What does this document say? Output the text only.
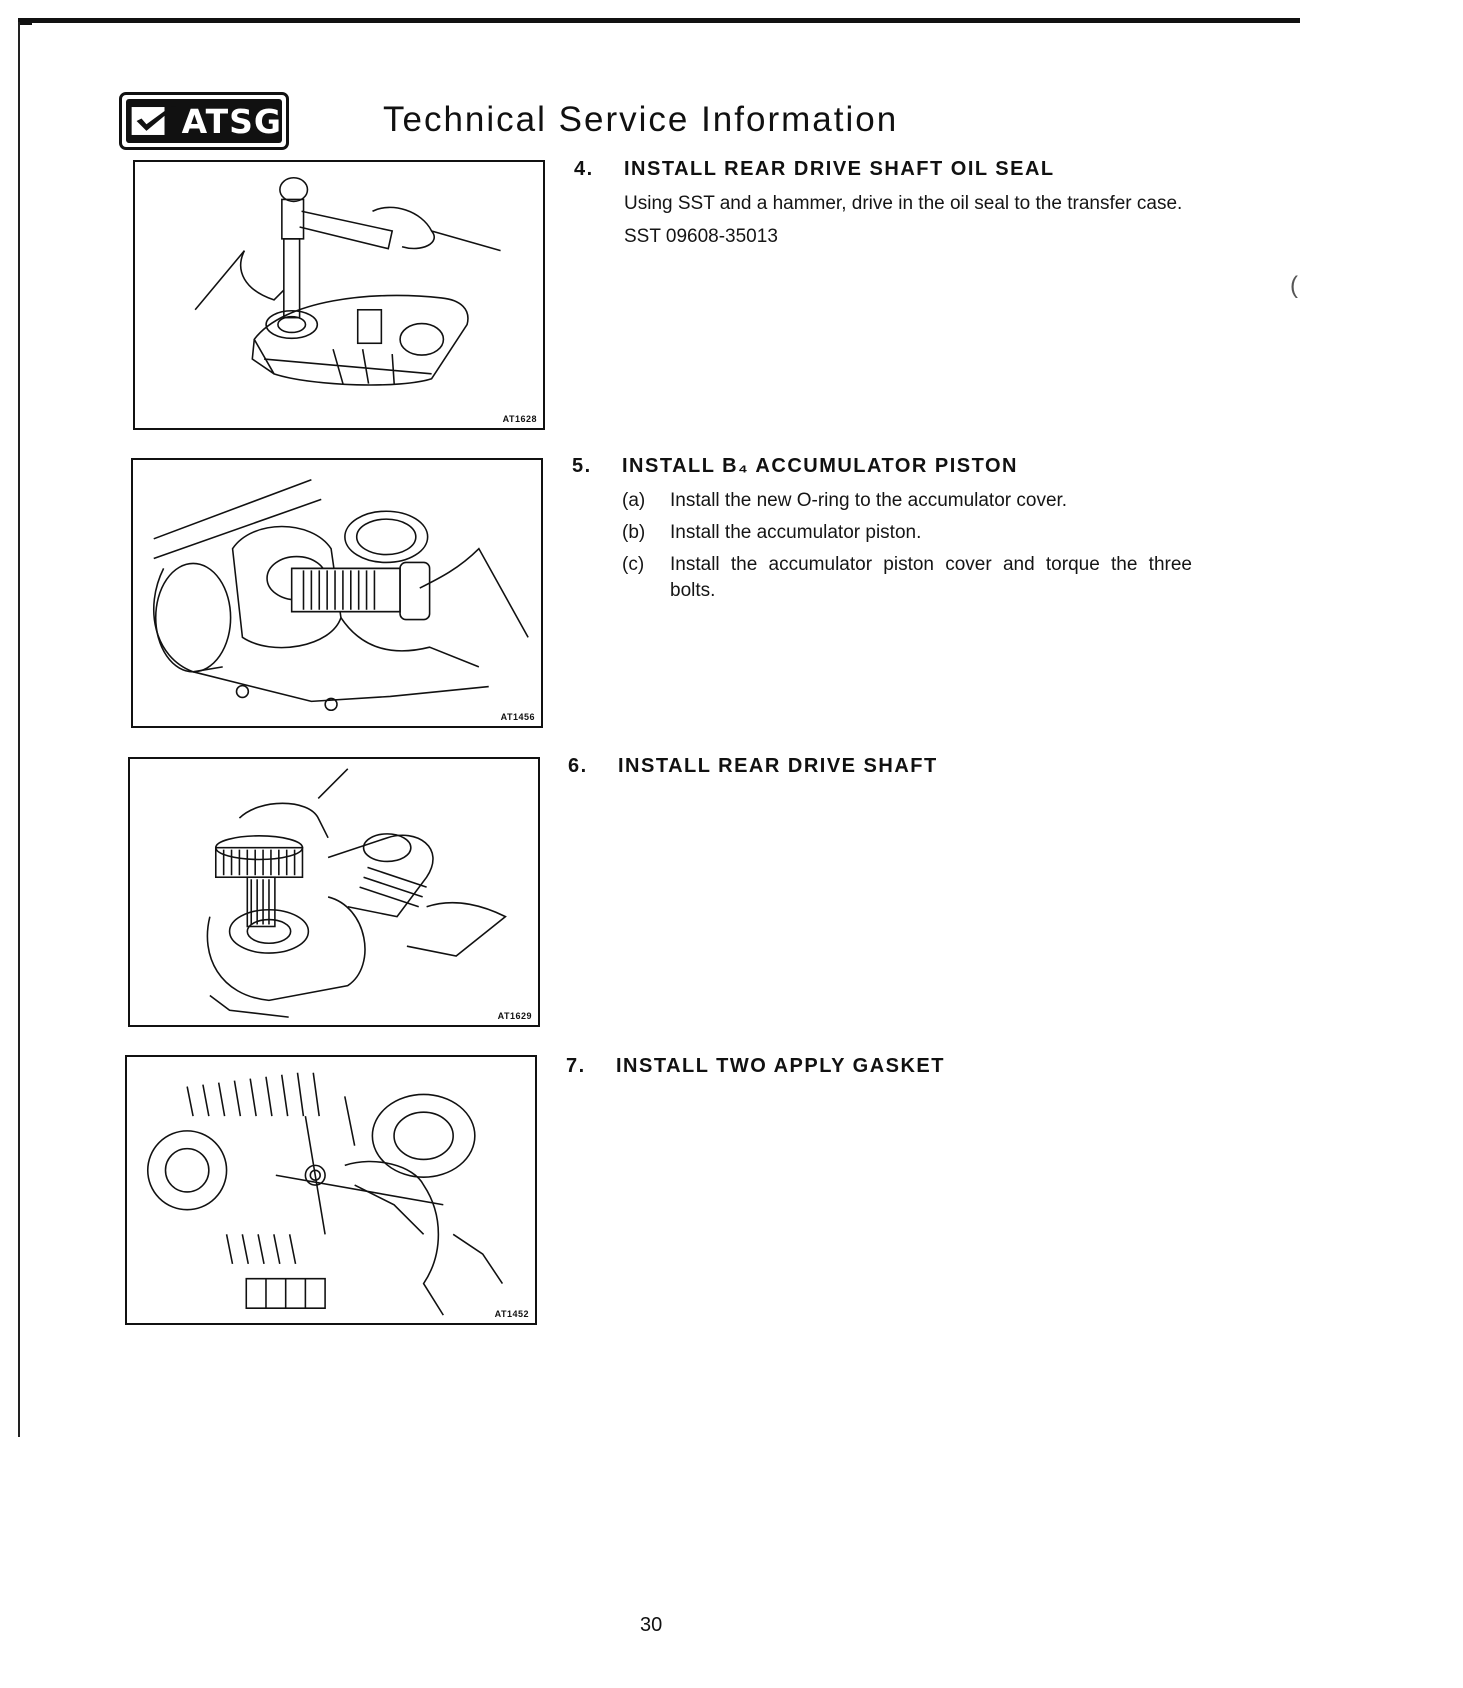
ATSG	Technical Service Information
AT1628
AT1456
AT1629
AT1452
4.	INSTALL REAR DRIVE SHAFT OIL SEAL

Using SST and a hammer, drive in the oil seal to the transfer case.

SST 09608-35013

5.	INSTALL B₄ ACCUMULATOR PISTON
(a)	Install the new O-ring to the accumulator cover.
(b)	Install the accumulator piston.
(c)	Install the accumulator piston cover and torque the three bolts.
6.	INSTALL REAR DRIVE SHAFT
7.	INSTALL TWO APPLY GASKET
(
30
